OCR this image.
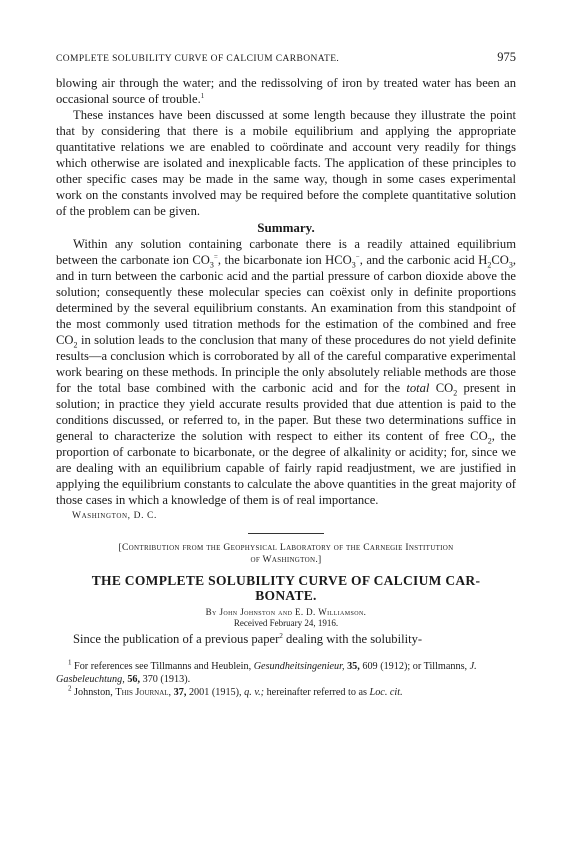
COMPLETE SOLUBILITY CURVE OF CALCIUM CARBONATE.	975

blowing air through the water; and the redissolving of iron by treated water has been an occasional source of trouble.$^1$

These instances have been discussed at some length because they illustrate the point that by considering that there is a mobile equilibrium and applying the appropriate quantitative relations we are enabled to coördinate and account very readily for things which otherwise are isolated and inexplicable facts. The application of these principles to other specific cases may be made in the same way, though in some cases experimental work on the constants involved may be required before the complete quantitative solution of the problem can be given.

Summary.

Within any solution containing carbonate there is a readily attained equilibrium between the carbonate ion $CO_3^=$, the bicarbonate ion $HCO_3^-$, and the carbonic acid $H_2CO_3$, and in turn between the carbonic acid and the partial pressure of carbon dioxide above the solution; consequently these molecular species can coëxist only in definite proportions determined by the several equilibrium constants. An examination from this standpoint of the most commonly used titration methods for the estimation of the combined and free $CO_2$ in solution leads to the conclusion that many of these procedures do not yield definite results—a conclusion which is corroborated by all of the careful comparative experimental work bearing on these methods. In principle the only absolutely reliable methods are those for the total base combined with the carbonic acid and for the total $CO_2$ present in solution; in practice they yield accurate results provided that due attention is paid to the conditions discussed, or referred to, in the paper. But these two determinations suffice in general to characterize the solution with respect to either its content of free $CO_2$, the proportion of carbonate to bicarbonate, or the degree of alkalinity or acidity; for, since we are dealing with an equilibrium capable of fairly rapid readjustment, we are justified in applying the equilibrium constants to calculate the above quantities in the great majority of those cases in which a knowledge of them is of real importance.

Washington, D. C.
[Contribution from the Geophysical Laboratory of the Carnegie Institution
of Washington.]
THE COMPLETE SOLUBILITY CURVE OF CALCIUM CAR-
BONATE.
By John Johnston and E. D. Williamson.
Received February 24, 1916.

Since the publication of a previous paper$^2$ dealing with the solubility-

$^1$ For references see Tillmanns and Heublein, Gesundheitsingenieur, 35, 609 (1912); or Tillmanns, J. Gasbeleuchtung, 56, 370 (1913).

$^2$ Johnston, This Journal, 37, 2001 (1915), q. v.; hereinafter referred to as Loc. cit.
